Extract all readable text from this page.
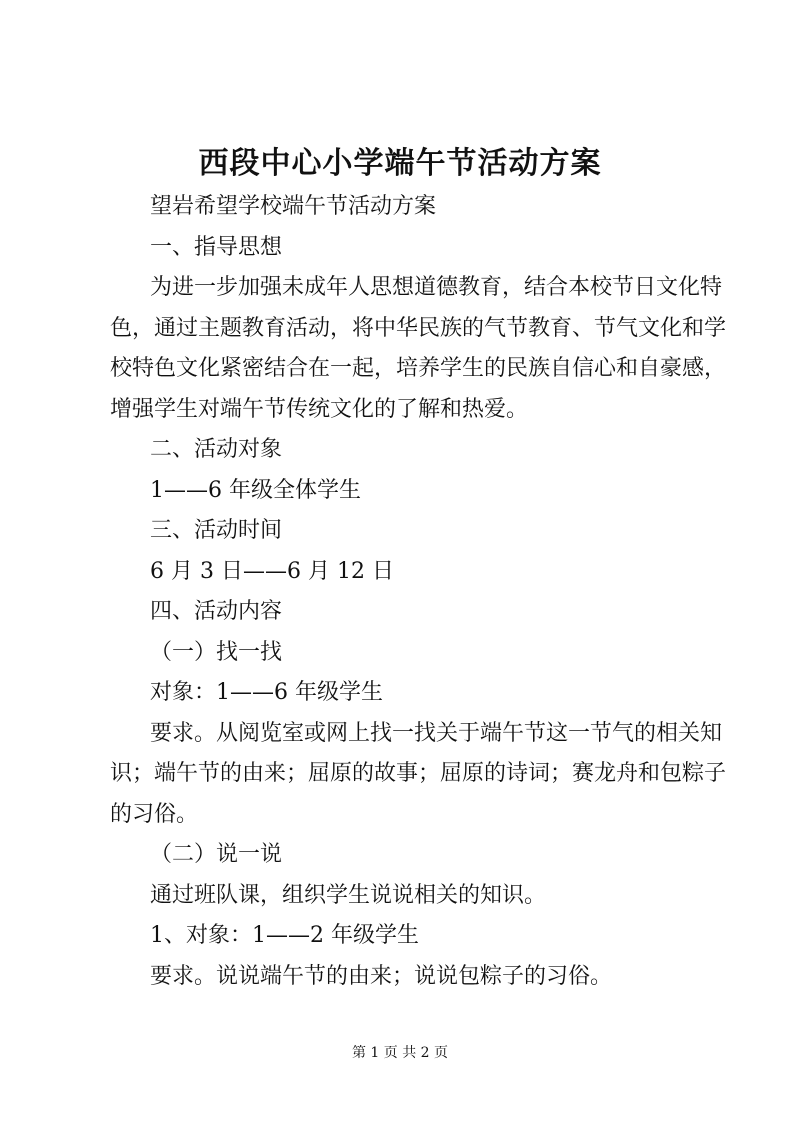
西段中心小学端午节活动方案

望岩希望学校端午节活动方案

一、指导思想

为进一步加强未成年人思想道德教育，结合本校节日文化特
色，通过主题教育活动，将中华民族的气节教育、节气文化和学
校特色文化紧密结合在一起，培养学生的民族自信心和自豪感，
增强学生对端午节传统文化的了解和热爱。

二、活动对象

1——6 年级全体学生

三、活动时间

6 月 3 日——6 月 12 日

四、活动内容

（一）找一找

对象：1——6 年级学生

要求。从阅览室或网上找一找关于端午节这一节气的相关知
识；端午节的由来；屈原的故事；屈原的诗词；赛龙舟和包粽子
的习俗。

（二）说一说

通过班队课，组织学生说说相关的知识。

1、对象：1——2 年级学生

要求。说说端午节的由来；说说包粽子的习俗。

第 1 页 共 2 页
